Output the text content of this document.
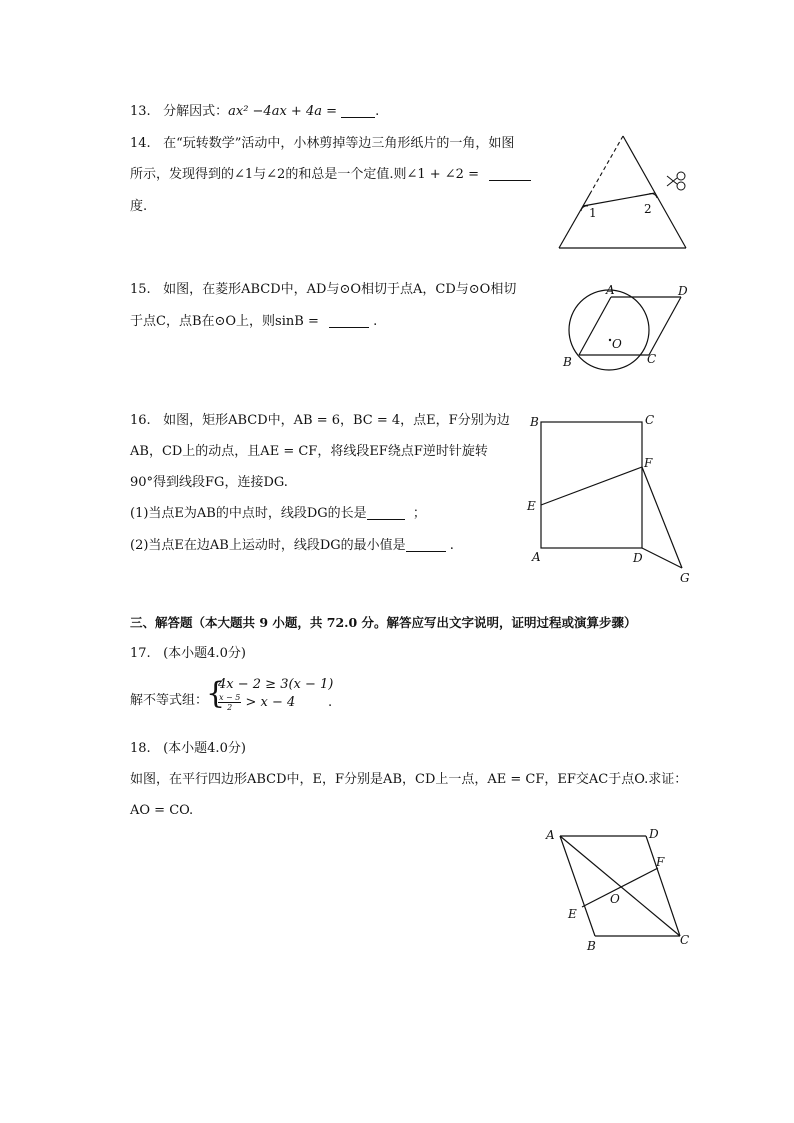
13. 分解因式：ax² −4ax + 4a =	.
14. 在“玩转数学”活动中，小林剪掉等边三角形纸片的一角，如图
所示，发现得到的∠1与∠2的和总是一个定值.则∠1 + ∠2 =
度.	1	2
15. 如图，在菱形ABCD中，AD与⊙O相切于点A，CD与⊙O相切
于点C，点B在⊙O上，则sinB =	.
A	D
B	C
O
16. 如图，矩形ABCD中，AB = 6，BC = 4，点E，F分别为边
AB，CD上的动点，且AE = CF，将线段EF绕点F逆时针旋转
90°得到线段FG，连接DG.
(1)当点E为AB的中点时，线段DG的长是	；
(2)当点E在边AB上运动时，线段DG的最小值是	.
B	C
F
E
A	D
G
三、解答题（本大题共 9 小题，共 72.0 分。解答应写出文字说明，证明过程或演算步骤）
17. (本小题4.0分)
解不等式组：
{
4x − 2 ≥ 3(x − 1)
$\frac{x - 5}{2} > x - 4$	.
18. (本小题4.0分)
如图，在平行四边形ABCD中，E，F分别是AB，CD上一点，AE = CF，EF交AC于点O.求证：
AO = CO.
A	D
F
O
E
B	C
